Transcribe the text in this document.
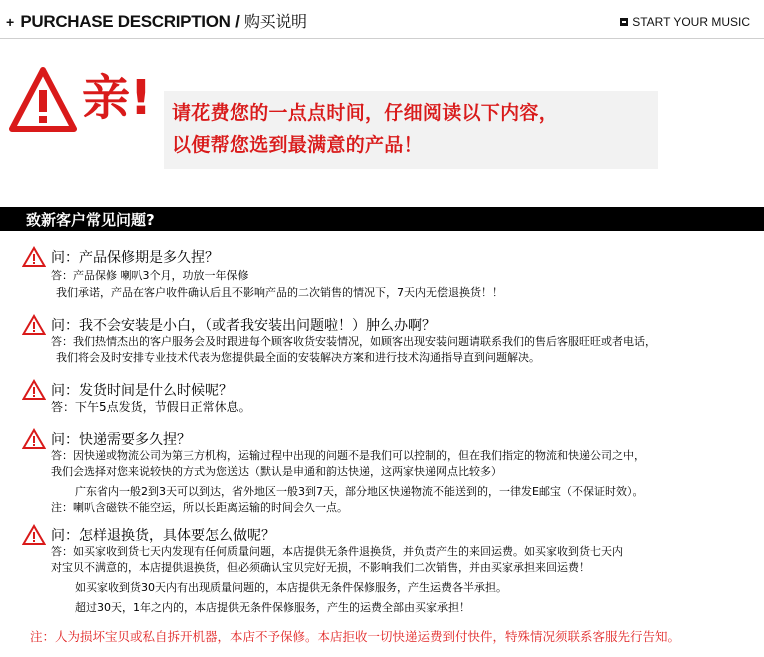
+ PURCHASE DESCRIPTION / 购买说明	START YOUR MUSIC
亲! 请花费您的一点点时间，仔细阅读以下内容，
以便帮您选到最满意的产品！
致新客户常见问题?
问：产品保修期是多久捏？
答：产品保修 喇叭3个月，功放一年保修
我们承诺，产品在客户收件确认后且不影响产品的二次销售的情况下，7天内无偿退换货！！
问：我不会安装是小白，（或者我安装出问题啦！）肿么办啊？
答：我们热情杰出的客户服务会及时跟进每个顾客收货安装情况，如顾客出现安装问题请联系我们的售后客服旺旺或者电话，
我们将会及时安排专业技术代表为您提供最全面的安装解决方案和进行技术沟通指导直到问题解决。
问：发货时间是什么时候呢？
答：下午5点发货，节假日正常休息。
问：快递需要多久捏？
答：因快递或物流公司为第三方机构，运输过程中出现的问题不是我们可以控制的，但在我们指定的物流和快递公司之中，
我们会选择对您来说较快的方式为您送达（默认是申通和韵达快递，这两家快递网点比较多）
广东省内一般2到3天可以到达，省外地区一般3到7天，部分地区快递物流不能送到的，一律发E邮宝（不保证时效）。
注：喇叭含磁铁不能空运，所以长距离运输的时间会久一点。
问：怎样退换货，具体要怎么做呢？
答：如买家收到货七天内发现有任何质量问题，本店提供无条件退换货，并负责产生的来回运费。如买家收到货七天内
对宝贝不满意的，本店提供退换货，但必须确认宝贝完好无损，不影响我们二次销售，并由买家承担来回运费！
如买家收到货30天内有出现质量问题的，本店提供无条件保修服务，产生运费各半承担。
超过30天，1年之内的，本店提供无条件保修服务，产生的运费全部由买家承担！
注：人为损坏宝贝或私自拆开机器，本店不予保修。本店拒收一切快递运费到付快件，特殊情况须联系客服先行告知。
